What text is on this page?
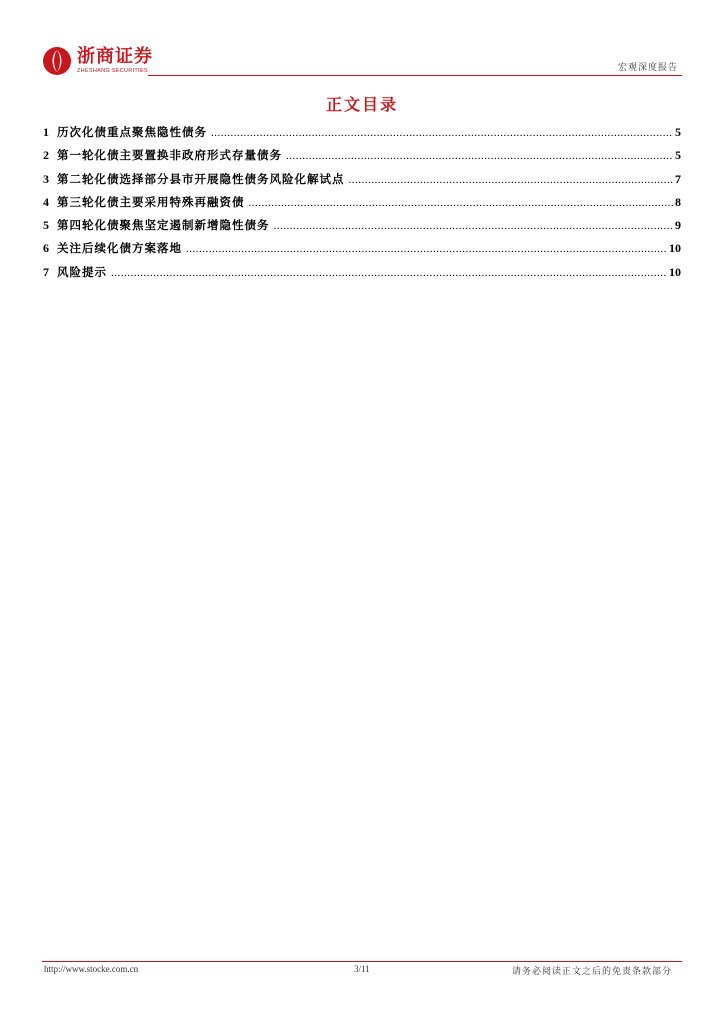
浙商证券
ZHESHANG SECURITIES	宏观深度报告
正文目录
1 历次化债重点聚焦隐性债务 .....	5
2 第一轮化债主要置换非政府形式存量债务 .....	5
3 第二轮化债选择部分县市开展隐性债务风险化解试点 .....	7
4 第三轮化债主要采用特殊再融资债 .....	8
5 第四轮化债聚焦坚定遏制新增隐性债务 .....	9
6 关注后续化债方案落地 .....	10
7 风险提示 .....	10
http://www.stocke.com.cn	3/11	请务必阅读正文之后的免责条款部分
